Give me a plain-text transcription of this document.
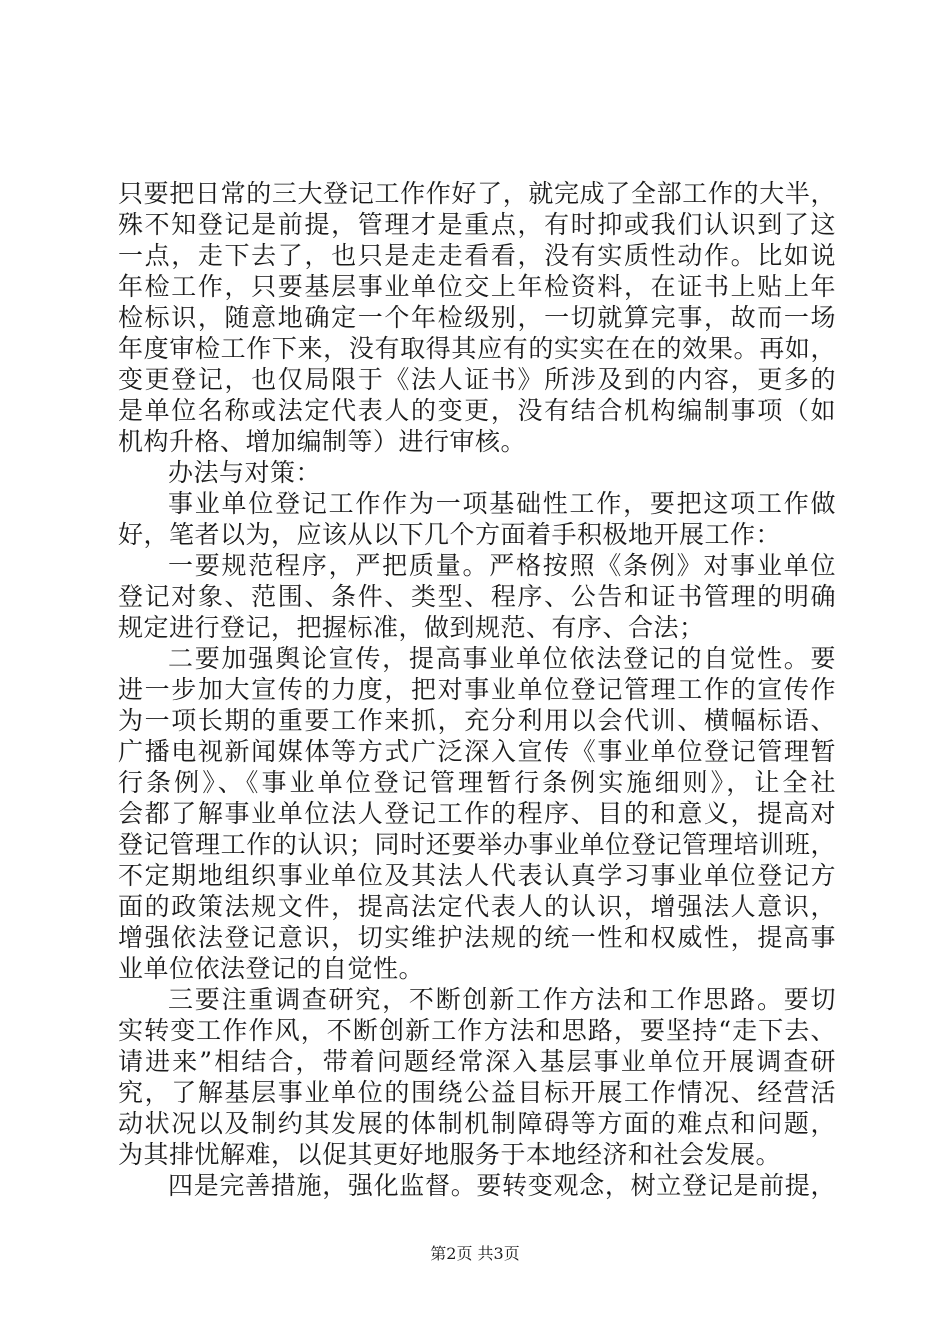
只要把日常的三大登记工作作好了，就完成了全部工作的大半，
殊不知登记是前提，管理才是重点，有时抑或我们认识到了这
一点，走下去了，也只是走走看看，没有实质性动作。比如说
年检工作，只要基层事业单位交上年检资料，在证书上贴上年
检标识，随意地确定一个年检级别，一切就算完事，故而一场
年度审检工作下来，没有取得其应有的实实在在的效果。再如，
变更登记，也仅局限于《法人证书》所涉及到的内容，更多的
是单位名称或法定代表人的变更，没有结合机构编制事项（如
机构升格、增加编制等）进行审核。
办法与对策：
事业单位登记工作作为一项基础性工作，要把这项工作做
好，笔者以为，应该从以下几个方面着手积极地开展工作：
一要规范程序，严把质量。严格按照《条例》对事业单位
登记对象、范围、条件、类型、程序、公告和证书管理的明确
规定进行登记，把握标准，做到规范、有序、合法；
二要加强舆论宣传，提高事业单位依法登记的自觉性。要
进一步加大宣传的力度，把对事业单位登记管理工作的宣传作
为一项长期的重要工作来抓，充分利用以会代训、横幅标语、
广播电视新闻媒体等方式广泛深入宣传《事业单位登记管理暂
行条例》、《事业单位登记管理暂行条例实施细则》，让全社
会都了解事业单位法人登记工作的程序、目的和意义，提高对
登记管理工作的认识；同时还要举办事业单位登记管理培训班，
不定期地组织事业单位及其法人代表认真学习事业单位登记方
面的政策法规文件，提高法定代表人的认识，增强法人意识，
增强依法登记意识，切实维护法规的统一性和权威性，提高事
业单位依法登记的自觉性。
三要注重调查研究，不断创新工作方法和工作思路。要切
实转变工作作风，不断创新工作方法和思路，要坚持“走下去、
请进来”相结合，带着问题经常深入基层事业单位开展调查研
究，了解基层事业单位的围绕公益目标开展工作情况、经营活
动状况以及制约其发展的体制机制障碍等方面的难点和问题，
为其排忧解难，以促其更好地服务于本地经济和社会发展。
四是完善措施，强化监督。要转变观念，树立登记是前提，
第2页 共3页
